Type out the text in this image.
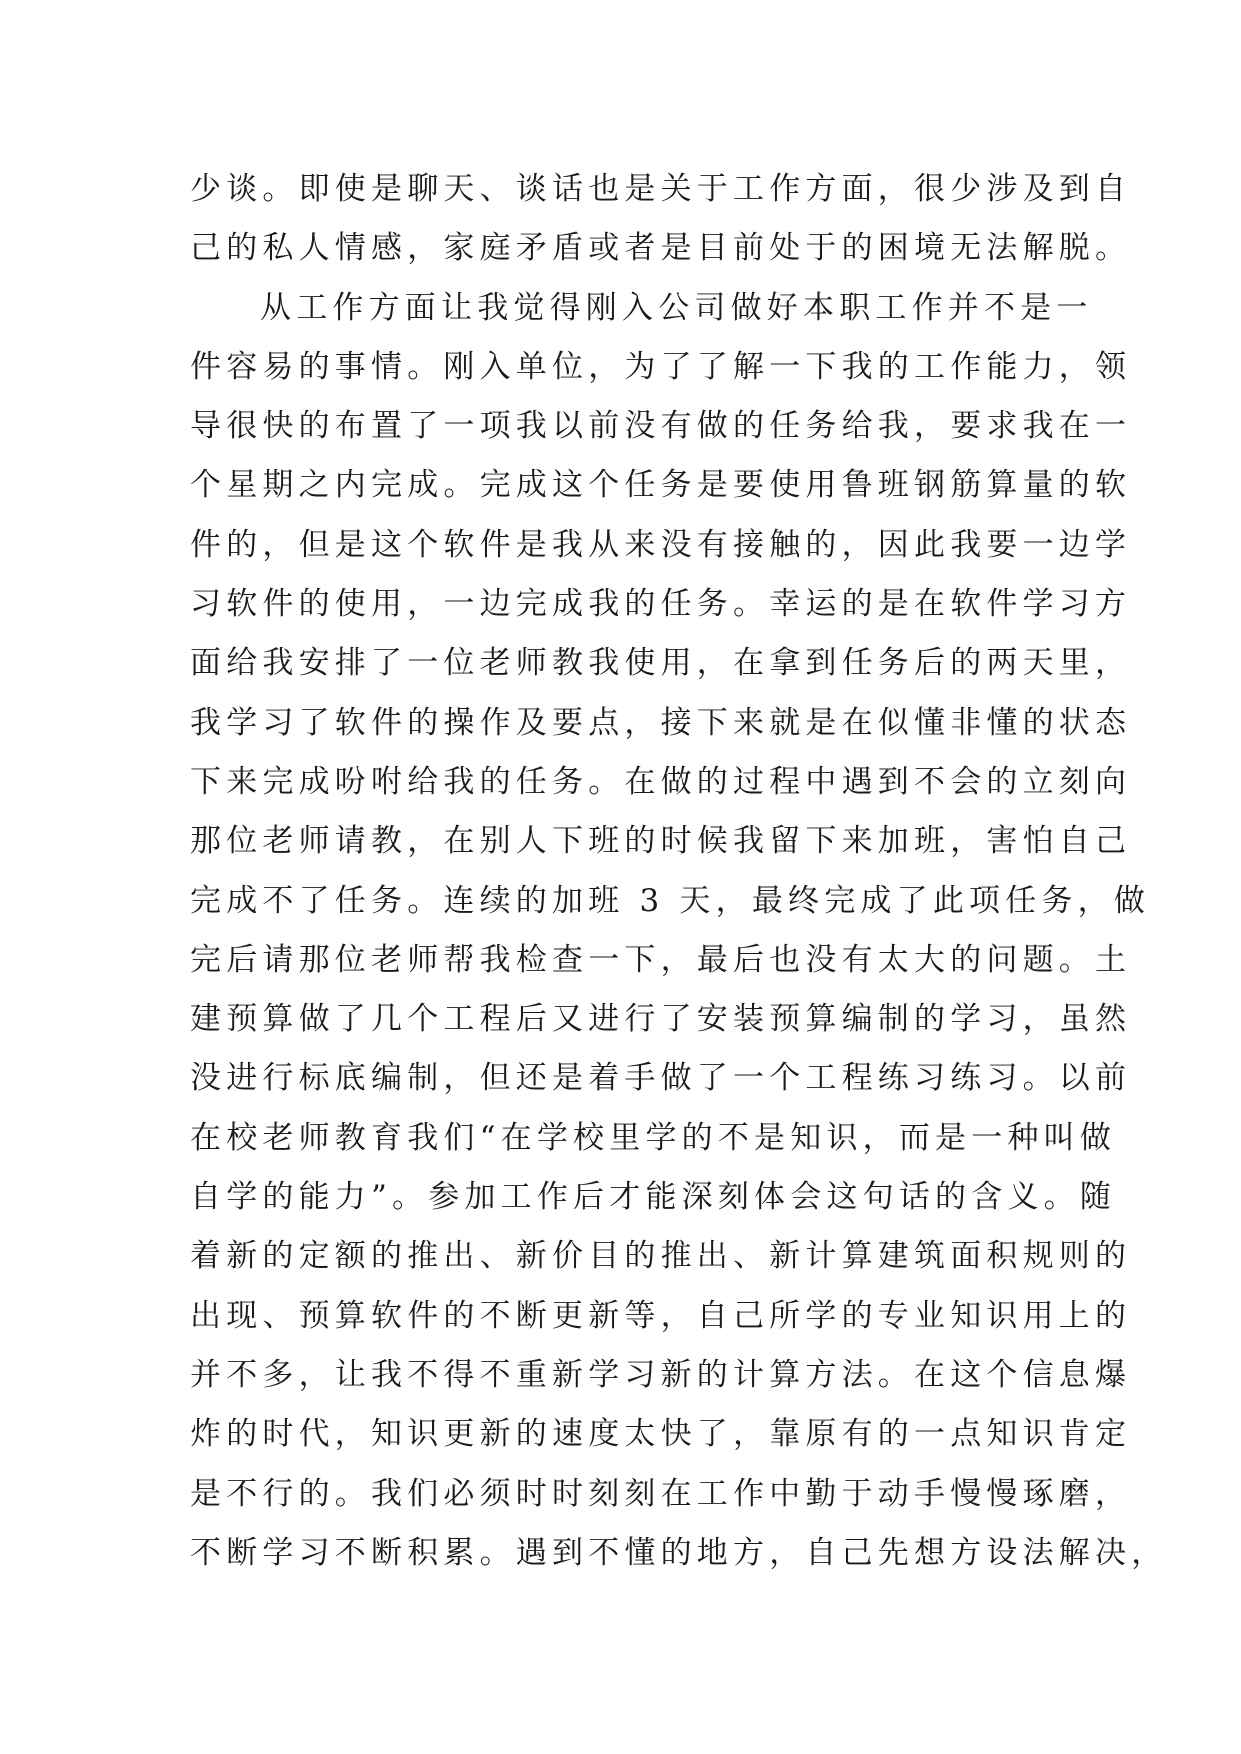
少谈。即使是聊天、谈话也是关于工作方面，很少涉及到自
己的私人情感，家庭矛盾或者是目前处于的困境无法解脱。
从工作方面让我觉得刚入公司做好本职工作并不是一
件容易的事情。刚入单位，为了了解一下我的工作能力，领
导很快的布置了一项我以前没有做的任务给我，要求我在一
个星期之内完成。完成这个任务是要使用鲁班钢筋算量的软
件的，但是这个软件是我从来没有接触的，因此我要一边学
习软件的使用，一边完成我的任务。幸运的是在软件学习方
面给我安排了一位老师教我使用，在拿到任务后的两天里，
我学习了软件的操作及要点，接下来就是在似懂非懂的状态
下来完成吩咐给我的任务。在做的过程中遇到不会的立刻向
那位老师请教，在别人下班的时候我留下来加班，害怕自己
完成不了任务。连续的加班 3 天，最终完成了此项任务，做
完后请那位老师帮我检查一下，最后也没有太大的问题。土
建预算做了几个工程后又进行了安装预算编制的学习，虽然
没进行标底编制，但还是着手做了一个工程练习练习。以前
在校老师教育我们“在学校里学的不是知识，而是一种叫做
自学的能力”。参加工作后才能深刻体会这句话的含义。随
着新的定额的推出、新价目的推出、新计算建筑面积规则的
出现、预算软件的不断更新等，自己所学的专业知识用上的
并不多，让我不得不重新学习新的计算方法。在这个信息爆
炸的时代，知识更新的速度太快了，靠原有的一点知识肯定
是不行的。我们必须时时刻刻在工作中勤于动手慢慢琢磨，
不断学习不断积累。遇到不懂的地方，自己先想方设法解决，
